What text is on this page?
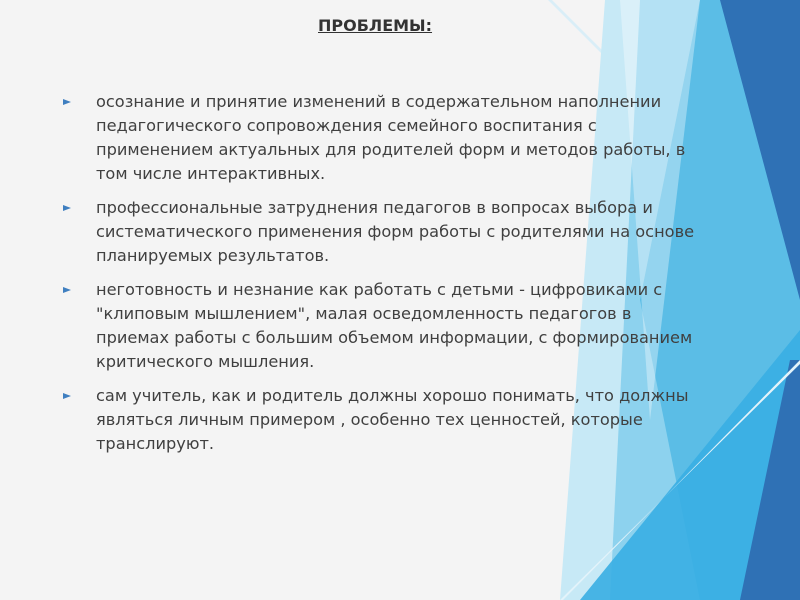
ПРОБЛЕМЫ:
осознание и принятие изменений в содержательном наполнении педагогического сопровождения семейного воспитания с применением актуальных для родителей форм и методов работы, в том числе интерактивных.
профессиональные затруднения педагогов в вопросах выбора и систематического применения форм работы с родителями на основе планируемых результатов.
неготовность и незнание как работать с детьми - цифровиками с "клиповым мышлением", малая осведомленность педагогов в приемах работы с большим объемом информации, с формированием критического мышления.
сам учитель, как и родитель должны хорошо понимать, что должны являться личным примером , особенно тех ценностей, которые транслируют.
